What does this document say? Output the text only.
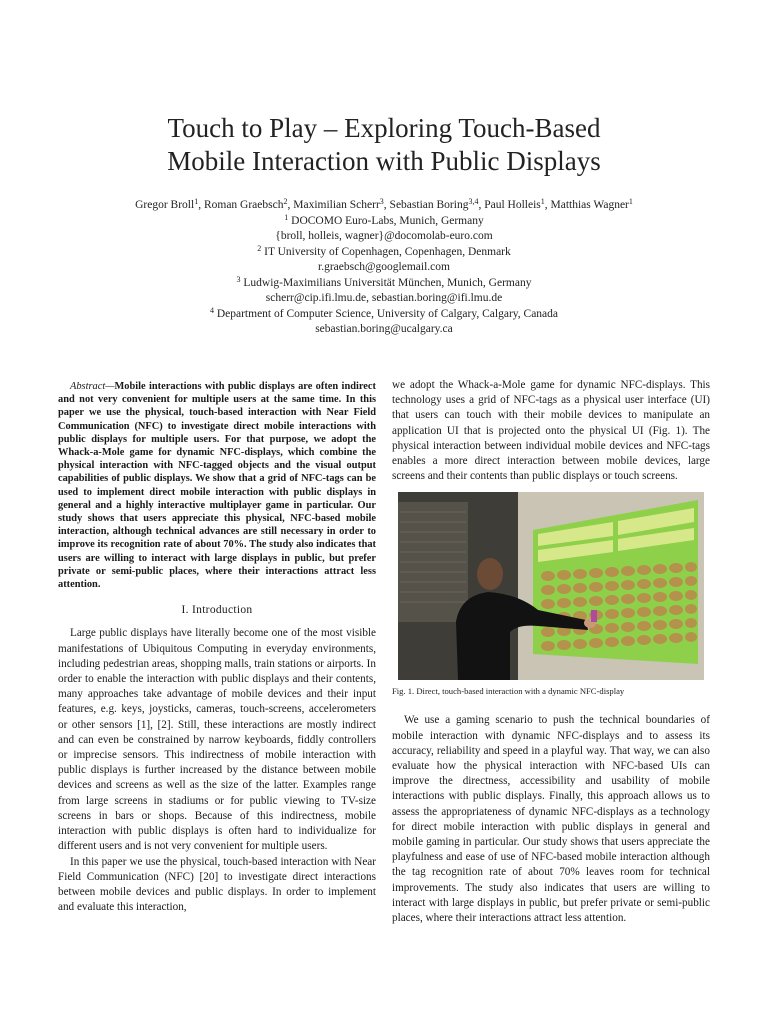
Touch to Play – Exploring Touch-Based
Mobile Interaction with Public Displays
Gregor Broll$^1$, Roman Graebsch$^2$, Maximilian Scherr$^3$, Sebastian Boring$^{3,4}$, Paul Holleis$^1$, Matthias Wagner$^1$
$^1$ DOCOMO Euro-Labs, Munich, Germany
{broll, holleis, wagner}@docomolab-euro.com
$^2$ IT University of Copenhagen, Copenhagen, Denmark
r.graebsch@googlemail.com
$^3$ Ludwig-Maximilians Universität München, Munich, Germany
scherr@cip.ifi.lmu.de, sebastian.boring@ifi.lmu.de
$^4$ Department of Computer Science, University of Calgary, Calgary, Canada
sebastian.boring@ucalgary.ca

Abstract—Mobile interactions with public displays are often indirect and not very convenient for multiple users at the same time. In this paper we use the physical, touch-based interaction with Near Field Communication (NFC) to investigate direct mobile interactions with public displays for multiple users. For that purpose, we adopt the Whack-a-Mole game for dynamic NFC-displays, which combine the physical interaction with NFC-tagged objects and the visual output capabilities of public displays. We show that a grid of NFC-tags can be used to implement direct mobile interaction with public displays in general and a highly interactive multiplayer game in particular. Our study shows that users appreciate this physical, NFC-based mobile interaction, although technical advances are still necessary in order to improve its recognition rate of about 70%. The study also indicates that users are willing to interact with large displays in public, but prefer private or semi-public places, where their interactions attract less attention.

I. Introduction

Large public displays have literally become one of the most visible manifestations of Ubiquitous Computing in everyday environments, including pedestrian areas, shopping malls, train stations or airports. In order to enable the interaction with public displays and their contents, many approaches take advantage of mobile devices and their input features, e.g. keys, joysticks, cameras, touch-screens, accelerometers or other sensors [1], [2]. Still, these interactions are mostly indirect and can even be constrained by narrow keyboards, fiddly controllers or imprecise sensors. This indirectness of mobile interaction with public displays is further increased by the distance between mobile devices and screens as well as the size of the latter. Examples range from large screens in stadiums or for public viewing to TV-size screens in bars or shops. Because of this indirectness, mobile interaction with public displays is often hard to individualize for different users and is not very convenient for multiple users.

In this paper we use the physical, touch-based interaction with Near Field Communication (NFC) [20] to investigate direct interactions between mobile devices and public displays. In order to implement and evaluate this interaction,

we adopt the Whack-a-Mole game for dynamic NFC-displays. This technology uses a grid of NFC-tags as a physical user interface (UI) that users can touch with their mobile devices to manipulate an application UI that is projected onto the physical UI (Fig. 1). The physical interaction between individual mobile devices and NFC-tags enables a more direct interaction between mobile devices, large screens and their contents than public displays or touch screens.

Fig. 1. Direct, touch-based interaction with a dynamic NFC-display

We use a gaming scenario to push the technical boundaries of mobile interaction with dynamic NFC-displays and to assess its accuracy, reliability and speed in a playful way. That way, we can also evaluate how the physical interaction with NFC-based UIs can improve the directness, accessibility and usability of mobile interactions with public displays. Finally, this approach allows us to assess the appropriateness of dynamic NFC-displays as a technology for direct mobile interaction with public displays in general and mobile gaming in particular. Our study shows that users appreciate the playfulness and ease of use of NFC-based mobile interaction although the tag recognition rate of about 70% leaves room for technical improvements. The study also indicates that users are willing to interact with large displays in public, but prefer private or semi-public places, where their interactions attract less attention.
